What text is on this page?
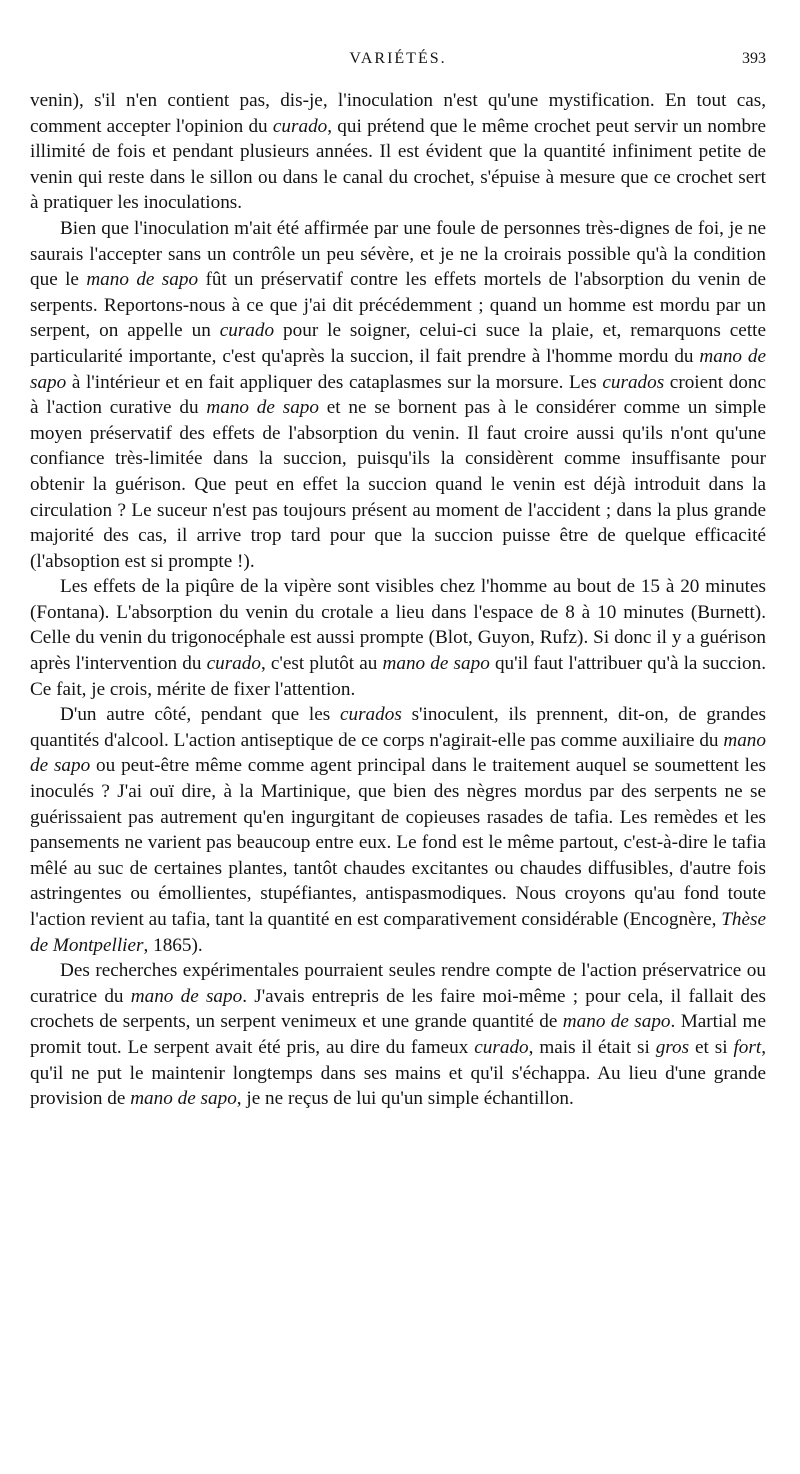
VARIÉTÉS.	393

venin), s'il n'en contient pas, dis-je, l'inoculation n'est qu'une mystification. En tout cas, comment accepter l'opinion du curado, qui prétend que le même crochet peut servir un nombre illimité de fois et pendant plusieurs années. Il est évident que la quantité infiniment petite de venin qui reste dans le sillon ou dans le canal du crochet, s'épuise à mesure que ce crochet sert à pratiquer les inoculations.

Bien que l'inoculation m'ait été affirmée par une foule de personnes très-dignes de foi, je ne saurais l'accepter sans un contrôle un peu sévère, et je ne la croirais possible qu'à la condition que le mano de sapo fût un préservatif contre les effets mortels de l'absorption du venin de serpents. Reportons-nous à ce que j'ai dit précédemment ; quand un homme est mordu par un serpent, on appelle un curado pour le soigner, celui-ci suce la plaie, et, remarquons cette particularité importante, c'est qu'après la succion, il fait prendre à l'homme mordu du mano de sapo à l'intérieur et en fait appliquer des cataplasmes sur la morsure. Les curados croient donc à l'action curative du mano de sapo et ne se bornent pas à le considérer comme un simple moyen préservatif des effets de l'absorption du venin. Il faut croire aussi qu'ils n'ont qu'une confiance très-limitée dans la succion, puisqu'ils la considèrent comme insuffisante pour obtenir la guérison. Que peut en effet la succion quand le venin est déjà introduit dans la circulation ? Le suceur n'est pas toujours présent au moment de l'accident ; dans la plus grande majorité des cas, il arrive trop tard pour que la succion puisse être de quelque efficacité (l'absoption est si prompte !).

Les effets de la piqûre de la vipère sont visibles chez l'homme au bout de 15 à 20 minutes (Fontana). L'absorption du venin du crotale a lieu dans l'espace de 8 à 10 minutes (Burnett). Celle du venin du trigonocéphale est aussi prompte (Blot, Guyon, Rufz). Si donc il y a guérison après l'intervention du curado, c'est plutôt au mano de sapo qu'il faut l'attribuer qu'à la succion. Ce fait, je crois, mérite de fixer l'attention.

D'un autre côté, pendant que les curados s'inoculent, ils prennent, dit-on, de grandes quantités d'alcool. L'action antiseptique de ce corps n'agirait-elle pas comme auxiliaire du mano de sapo ou peut-être même comme agent principal dans le traitement auquel se soumettent les inoculés ? J'ai ouï dire, à la Martinique, que bien des nègres mordus par des serpents ne se guérissaient pas autrement qu'en ingurgitant de copieuses rasades de tafia. Les remèdes et les pansements ne varient pas beaucoup entre eux. Le fond est le même partout, c'est-à-dire le tafia mêlé au suc de certaines plantes, tantôt chaudes excitantes ou chaudes diffusibles, d'autre fois astringentes ou émollientes, stupéfiantes, antispasmodiques. Nous croyons qu'au fond toute l'action revient au tafia, tant la quantité en est comparativement considérable (Encognère, Thèse de Montpellier, 1865).

Des recherches expérimentales pourraient seules rendre compte de l'action préservatrice ou curatrice du mano de sapo. J'avais entrepris de les faire moi-même ; pour cela, il fallait des crochets de serpents, un serpent venimeux et une grande quantité de mano de sapo. Martial me promit tout. Le serpent avait été pris, au dire du fameux curado, mais il était si gros et si fort, qu'il ne put le maintenir longtemps dans ses mains et qu'il s'échappa. Au lieu d'une grande provision de mano de sapo, je ne reçus de lui qu'un simple échantillon.
